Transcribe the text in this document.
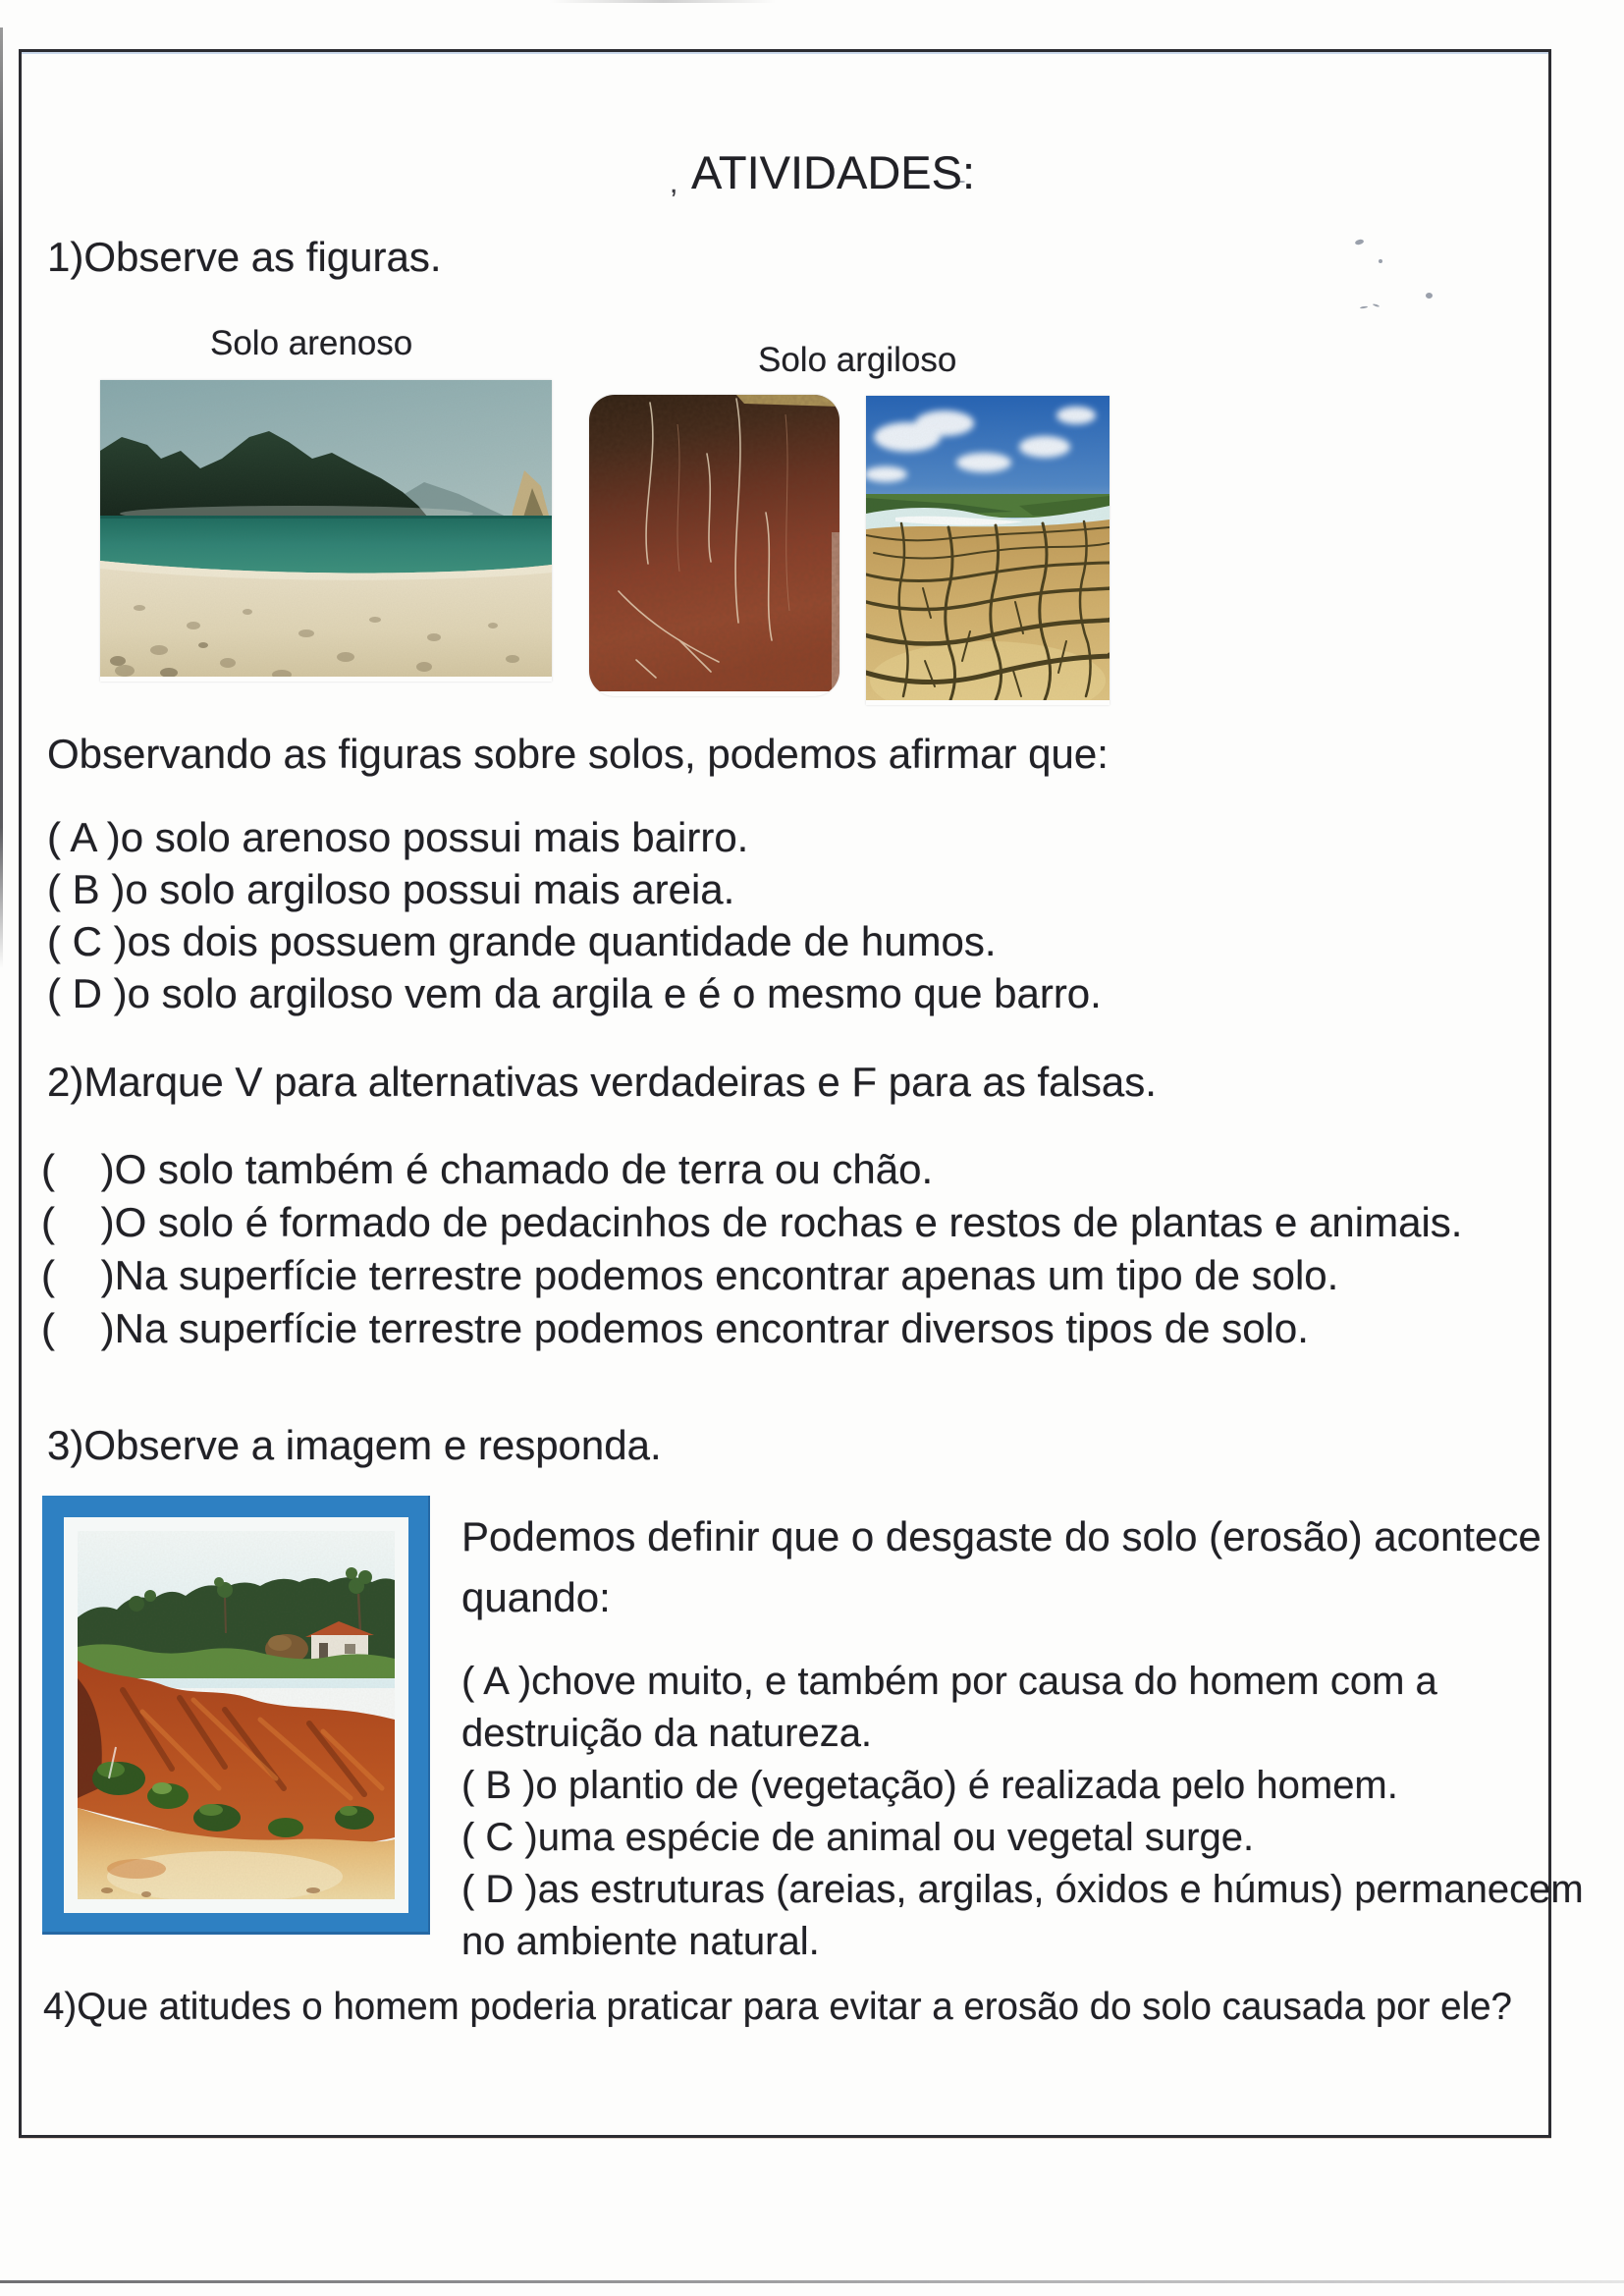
, ATIVIDADES:
1)Observe as figuras.
Solo arenoso	Solo argiloso
Observando as figuras sobre solos, podemos afirmar que:
( A )o solo arenoso possui mais bairro.
( B )o solo argiloso possui mais areia.
( C )os dois possuem grande quantidade de humos.
( D )o solo argiloso vem da argila e é o mesmo que barro.
2)Marque V para alternativas verdadeiras e F para as falsas.
(    )O solo também é chamado de terra ou chão.
(    )O solo é formado de pedacinhos de rochas e restos de plantas e animais.
(    )Na superfície terrestre podemos encontrar apenas um tipo de solo.
(    )Na superfície terrestre podemos encontrar diversos tipos de solo.
3)Observe a imagem e responda.
Podemos definir que o desgaste do solo (erosão) acontece
quando:
( A )chove muito, e também por causa do homem com a
destruição da natureza.
( B )o plantio de (vegetação) é realizada pelo homem.
( C )uma espécie de animal ou vegetal surge.
( D )as estruturas (areias, argilas, óxidos e húmus) permanecem
no ambiente natural.
4)Que atitudes o homem poderia praticar para evitar a erosão do solo causada por ele?
